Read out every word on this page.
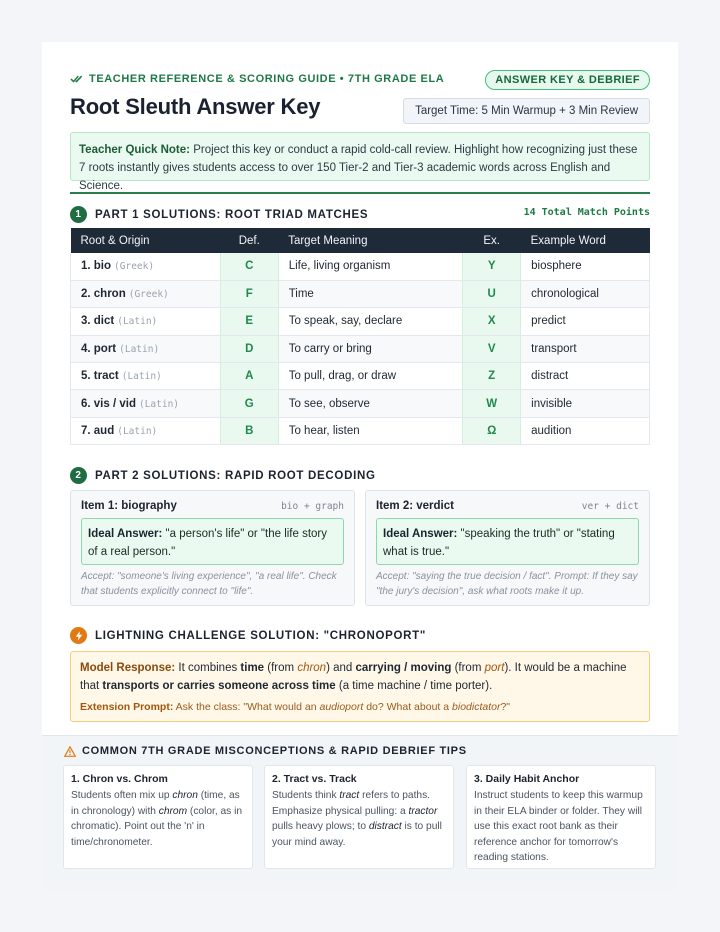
TEACHER REFERENCE & SCORING GUIDE • 7TH GRADE ELA	ANSWER KEY & DEBRIEF
Root Sleuth Answer Key	Target Time: 5 Min Warmup + 3 Min Review
Teacher Quick Note: Project this key or conduct a rapid cold-call review. Highlight how recognizing just these 7 roots instantly gives students access to over 150 Tier-2 and Tier-3 academic words across English and Science.
1	PART 1 SOLUTIONS: ROOT TRIAD MATCHES	14 Total Match Points
Root & Origin	Def.	Target Meaning	Ex.	Example Word
1. bio (Greek)	C	Life, living organism	Y	biosphere
2. chron (Greek)	F	Time	U	chronological
3. dict (Latin)	E	To speak, say, declare	X	predict
4. port (Latin)	D	To carry or bring	V	transport
5. tract (Latin)	A	To pull, drag, or draw	Z	distract
6. vis / vid (Latin)	G	To see, observe	W	invisible
7. aud (Latin)	B	To hear, listen	Ω	audition
2	PART 2 SOLUTIONS: RAPID ROOT DECODING
Item 1: biography	bio + graph
Ideal Answer: "a person's life" or "the life story of a real person."
Accept: "someone's living experience", "a real life". Check that students explicitly connect to "life".
Item 2: verdict	ver + dict
Ideal Answer: "speaking the truth" or "stating what is true."
Accept: "saying the true decision / fact". Prompt: If they say "the jury's decision", ask what roots make it up.
LIGHTNING CHALLENGE SOLUTION: "CHRONOPORT"
Model Response: It combines time (from chron) and carrying / moving (from port). It would be a machine that transports or carries someone across time (a time machine / time porter).
Extension Prompt: Ask the class: "What would an audioport do? What about a biodictator?"
COMMON 7TH GRADE MISCONCEPTIONS & RAPID DEBRIEF TIPS
1. Chron vs. Chrom
Students often mix up chron (time, as in chronology) with chrom (color, as in chromatic). Point out the 'n' in time/chronometer.
2. Tract vs. Track
Students think tract refers to paths. Emphasize physical pulling: a tractor pulls heavy plows; to distract is to pull your mind away.
3. Daily Habit Anchor
Instruct students to keep this warmup in their ELA binder or folder. They will use this exact root bank as their reference anchor for tomorrow's reading stations.
